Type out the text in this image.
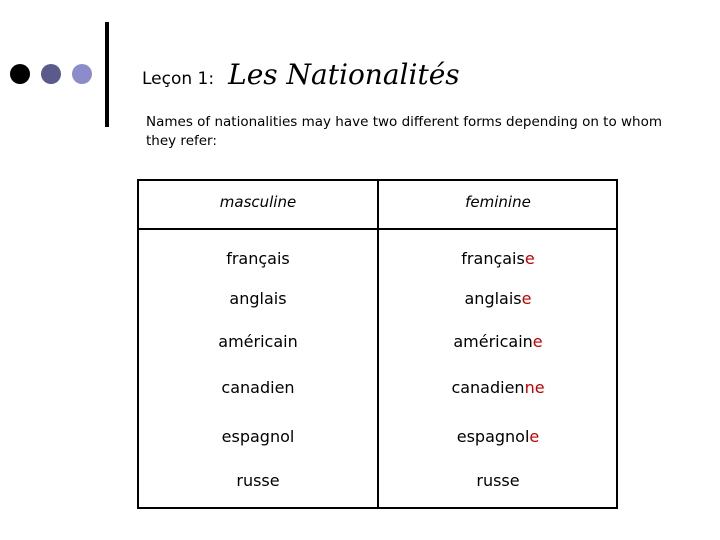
Leçon 1: Les Nationalités
Names of nationalities may have two different forms depending on to whom they refer:
masculine	feminine
français	française
anglais	anglaise
américain	américaine
canadien	canadienne
espagnol	espagnole
russe	russe
